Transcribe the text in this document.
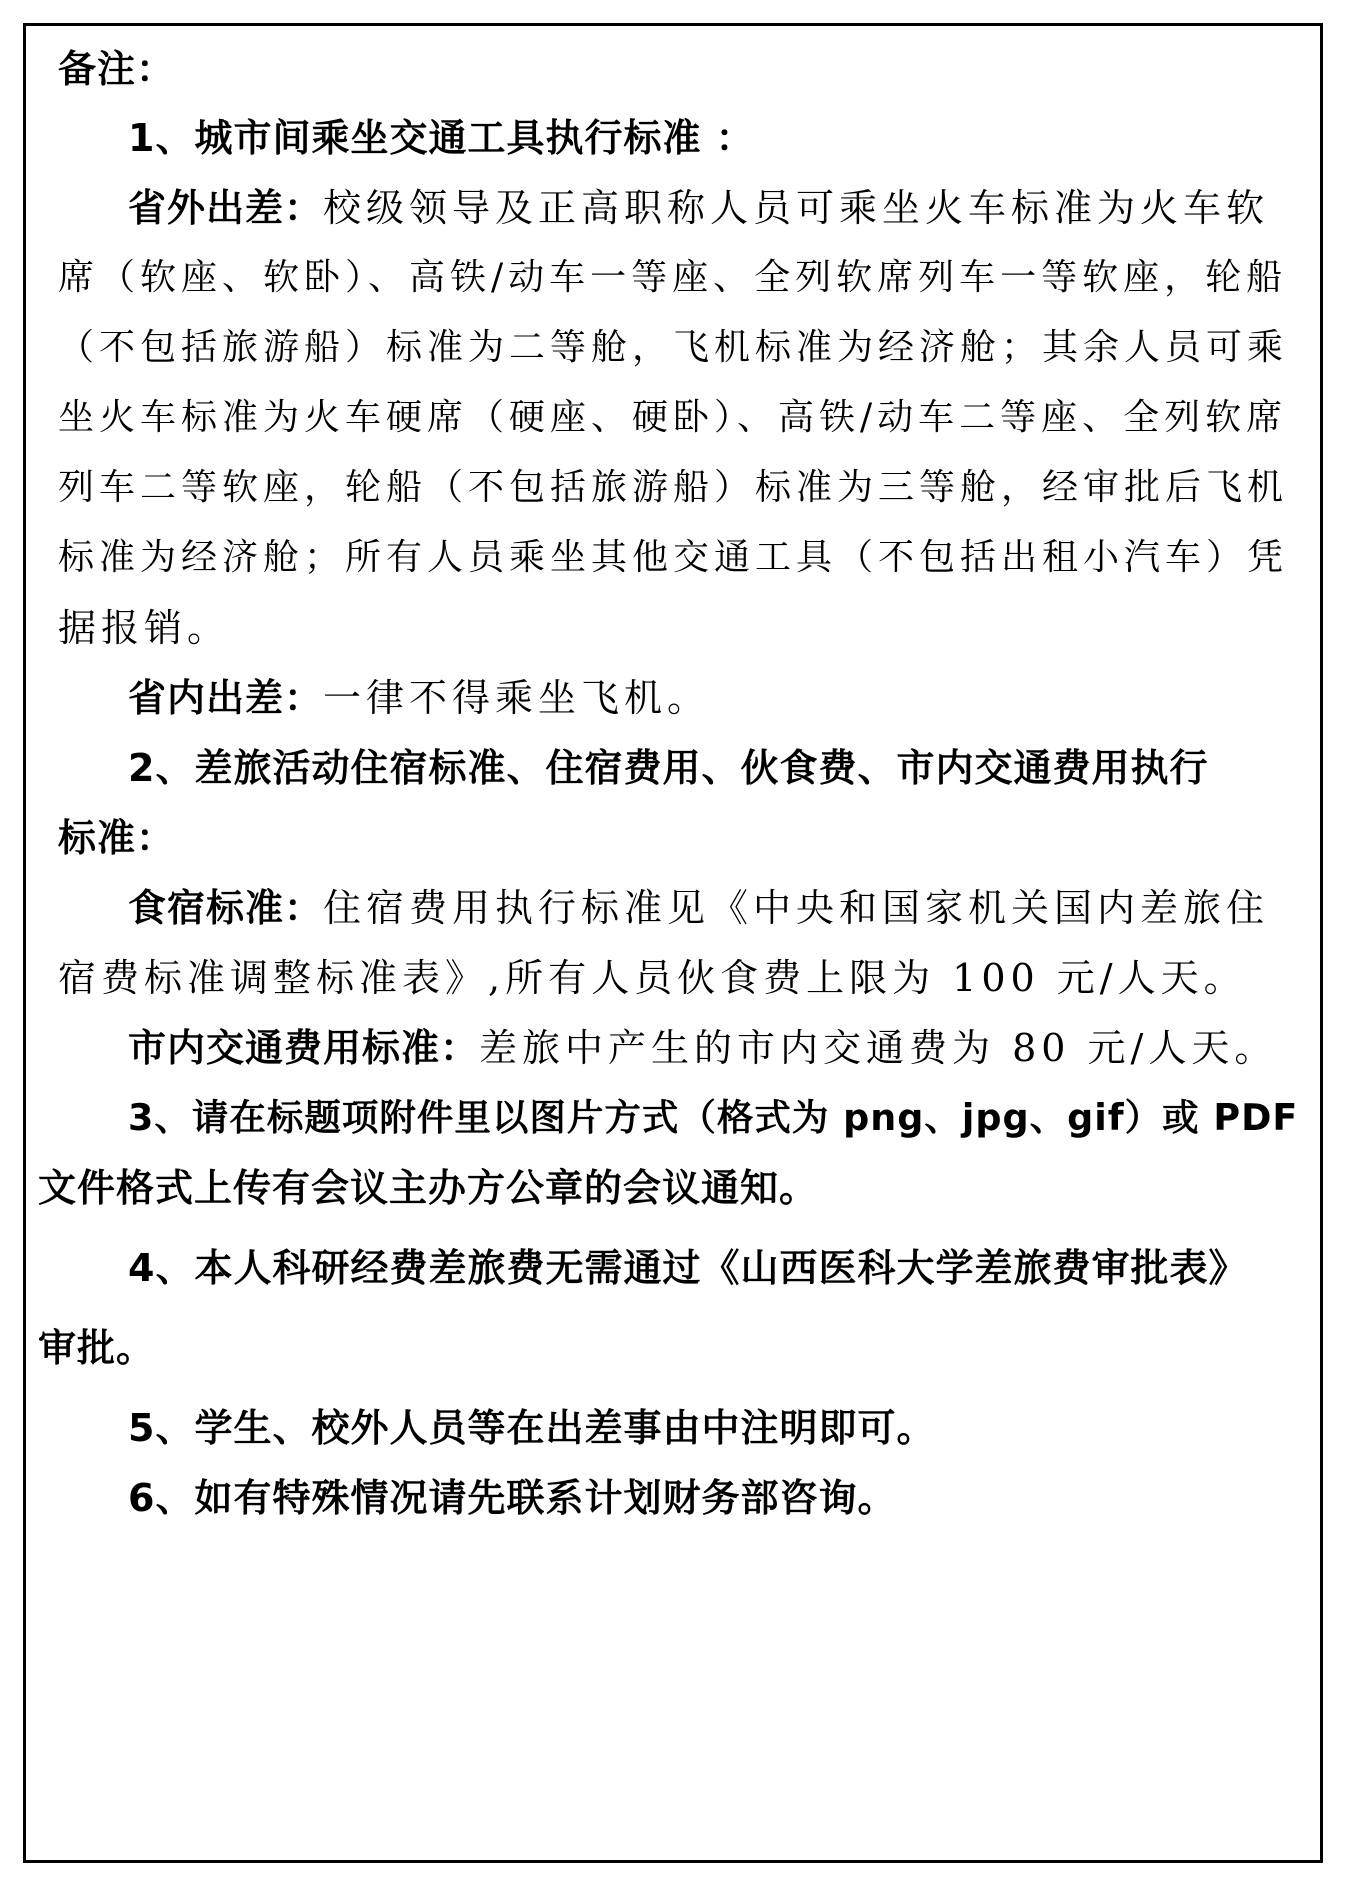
备注：
1、城市间乘坐交通工具执行标准 ：
省外出差：校级领导及正高职称人员可乘坐火车标准为火车软
席（软座、软卧）、高铁/动车一等座、全列软席列车一等软座，轮船
（不包括旅游船）标准为二等舱，飞机标准为经济舱；其余人员可乘
坐火车标准为火车硬席（硬座、硬卧）、高铁/动车二等座、全列软席
列车二等软座，轮船（不包括旅游船）标准为三等舱，经审批后飞机
标准为经济舱；所有人员乘坐其他交通工具（不包括出租小汽车）凭
据报销。
省内出差：一律不得乘坐飞机。
2、差旅活动住宿标准、住宿费用、伙食费、市内交通费用执行
标准：
食宿标准：住宿费用执行标准见《中央和国家机关国内差旅住
宿费标准调整标准表》,所有人员伙食费上限为 100 元/人天。
市内交通费用标准：差旅中产生的市内交通费为 80 元/人天。
3、请在标题项附件里以图片方式（格式为 png、jpg、gif）或 PDF
文件格式上传有会议主办方公章的会议通知。
4、本人科研经费差旅费无需通过《山西医科大学差旅费审批表》
审批。
5、学生、校外人员等在出差事由中注明即可。
6、如有特殊情况请先联系计划财务部咨询。
